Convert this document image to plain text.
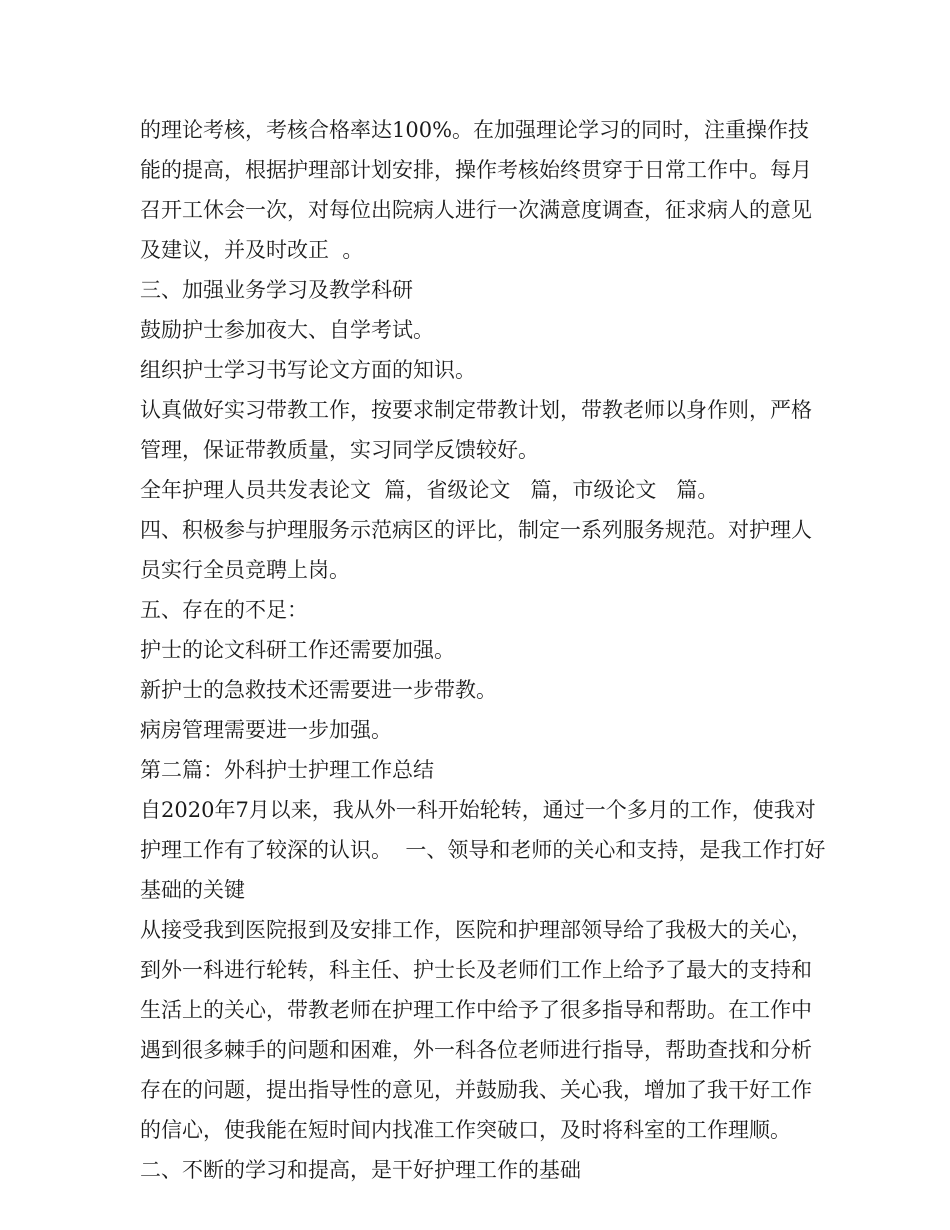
的理论考核，考核合格率达100%。在加强理论学习的同时，注重操作技能的提高，根据护理部计划安排，操作考核始终贯穿于日常工作中。每月召开工休会一次，对每位出院病人进行一次满意度调查，征求病人的意见及建议，并及时改正  。

三、加强业务学习及教学科研

鼓励护士参加夜大、自学考试。

组织护士学习书写论文方面的知识。

认真做好实习带教工作，按要求制定带教计划，带教老师以身作则，严格管理，保证带教质量，实习同学反馈较好。

全年护理人员共发表论文  篇，省级论文   篇，市级论文   篇。

四、积极参与护理服务示范病区的评比，制定一系列服务规范。对护理人员实行全员竞聘上岗。

五、存在的不足：

护士的论文科研工作还需要加强。

新护士的急救技术还需要进一步带教。

病房管理需要进一步加强。

第二篇：外科护士护理工作总结

自2020年7月以来，我从外一科开始轮转，通过一个多月的工作，使我对护理工作有了较深的认识。  一、领导和老师的关心和支持，是我工作打好基础的关键

从接受我到医院报到及安排工作，医院和护理部领导给了我极大的关心，到外一科进行轮转，科主任、护士长及老师们工作上给予了最大的支持和生活上的关心，带教老师在护理工作中给予了很多指导和帮助。在工作中遇到很多棘手的问题和困难，外一科各位老师进行指导，帮助查找和分析存在的问题，提出指导性的意见，并鼓励我、关心我，增加了我干好工作的信心，使我能在短时间内找准工作突破口，及时将科室的工作理顺。

二、不断的学习和提高，是干好护理工作的基础
